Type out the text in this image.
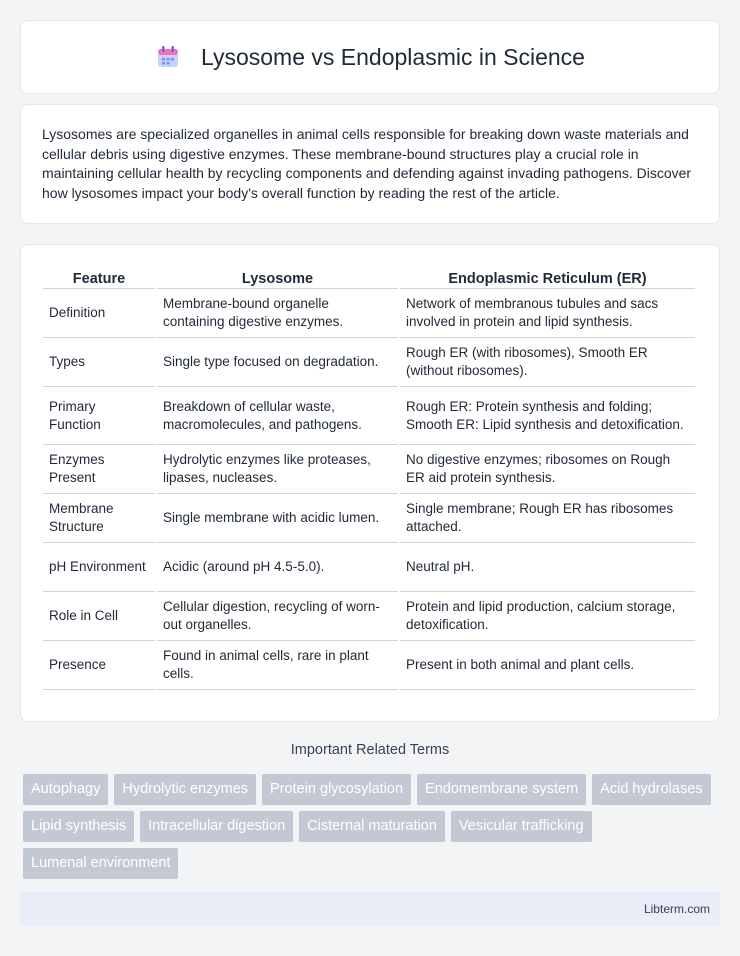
Lysosome vs Endoplasmic in Science

Lysosomes are specialized organelles in animal cells responsible for breaking down waste materials and cellular debris using digestive enzymes. These membrane-bound structures play a crucial role in maintaining cellular health by recycling components and defending against invading pathogens. Discover how lysosomes impact your body's overall function by reading the rest of the article.

Feature	Lysosome	Endoplasmic Reticulum (ER)
Definition	Membrane-bound organelle containing digestive enzymes.	Network of membranous tubules and sacs involved in protein and lipid synthesis.
Types	Single type focused on degradation.	Rough ER (with ribosomes), Smooth ER (without ribosomes).
Primary Function	Breakdown of cellular waste, macromolecules, and pathogens.	Rough ER: Protein synthesis and folding; Smooth ER: Lipid synthesis and detoxification.
Enzymes Present	Hydrolytic enzymes like proteases, lipases, nucleases.	No digestive enzymes; ribosomes on Rough ER aid protein synthesis.
Membrane Structure	Single membrane with acidic lumen.	Single membrane; Rough ER has ribosomes attached.
pH Environment	Acidic (around pH 4.5-5.0).	Neutral pH.
Role in Cell	Cellular digestion, recycling of worn-out organelles.	Protein and lipid production, calcium storage, detoxification.
Presence	Found in animal cells, rare in plant cells.	Present in both animal and plant cells.
Important Related Terms
Autophagy	Hydrolytic enzymes	Protein glycosylation	Endomembrane system	Acid hydrolases
Lipid synthesis	Intracellular digestion	Cisternal maturation	Vesicular trafficking
Lumenal environment
Libterm.com
